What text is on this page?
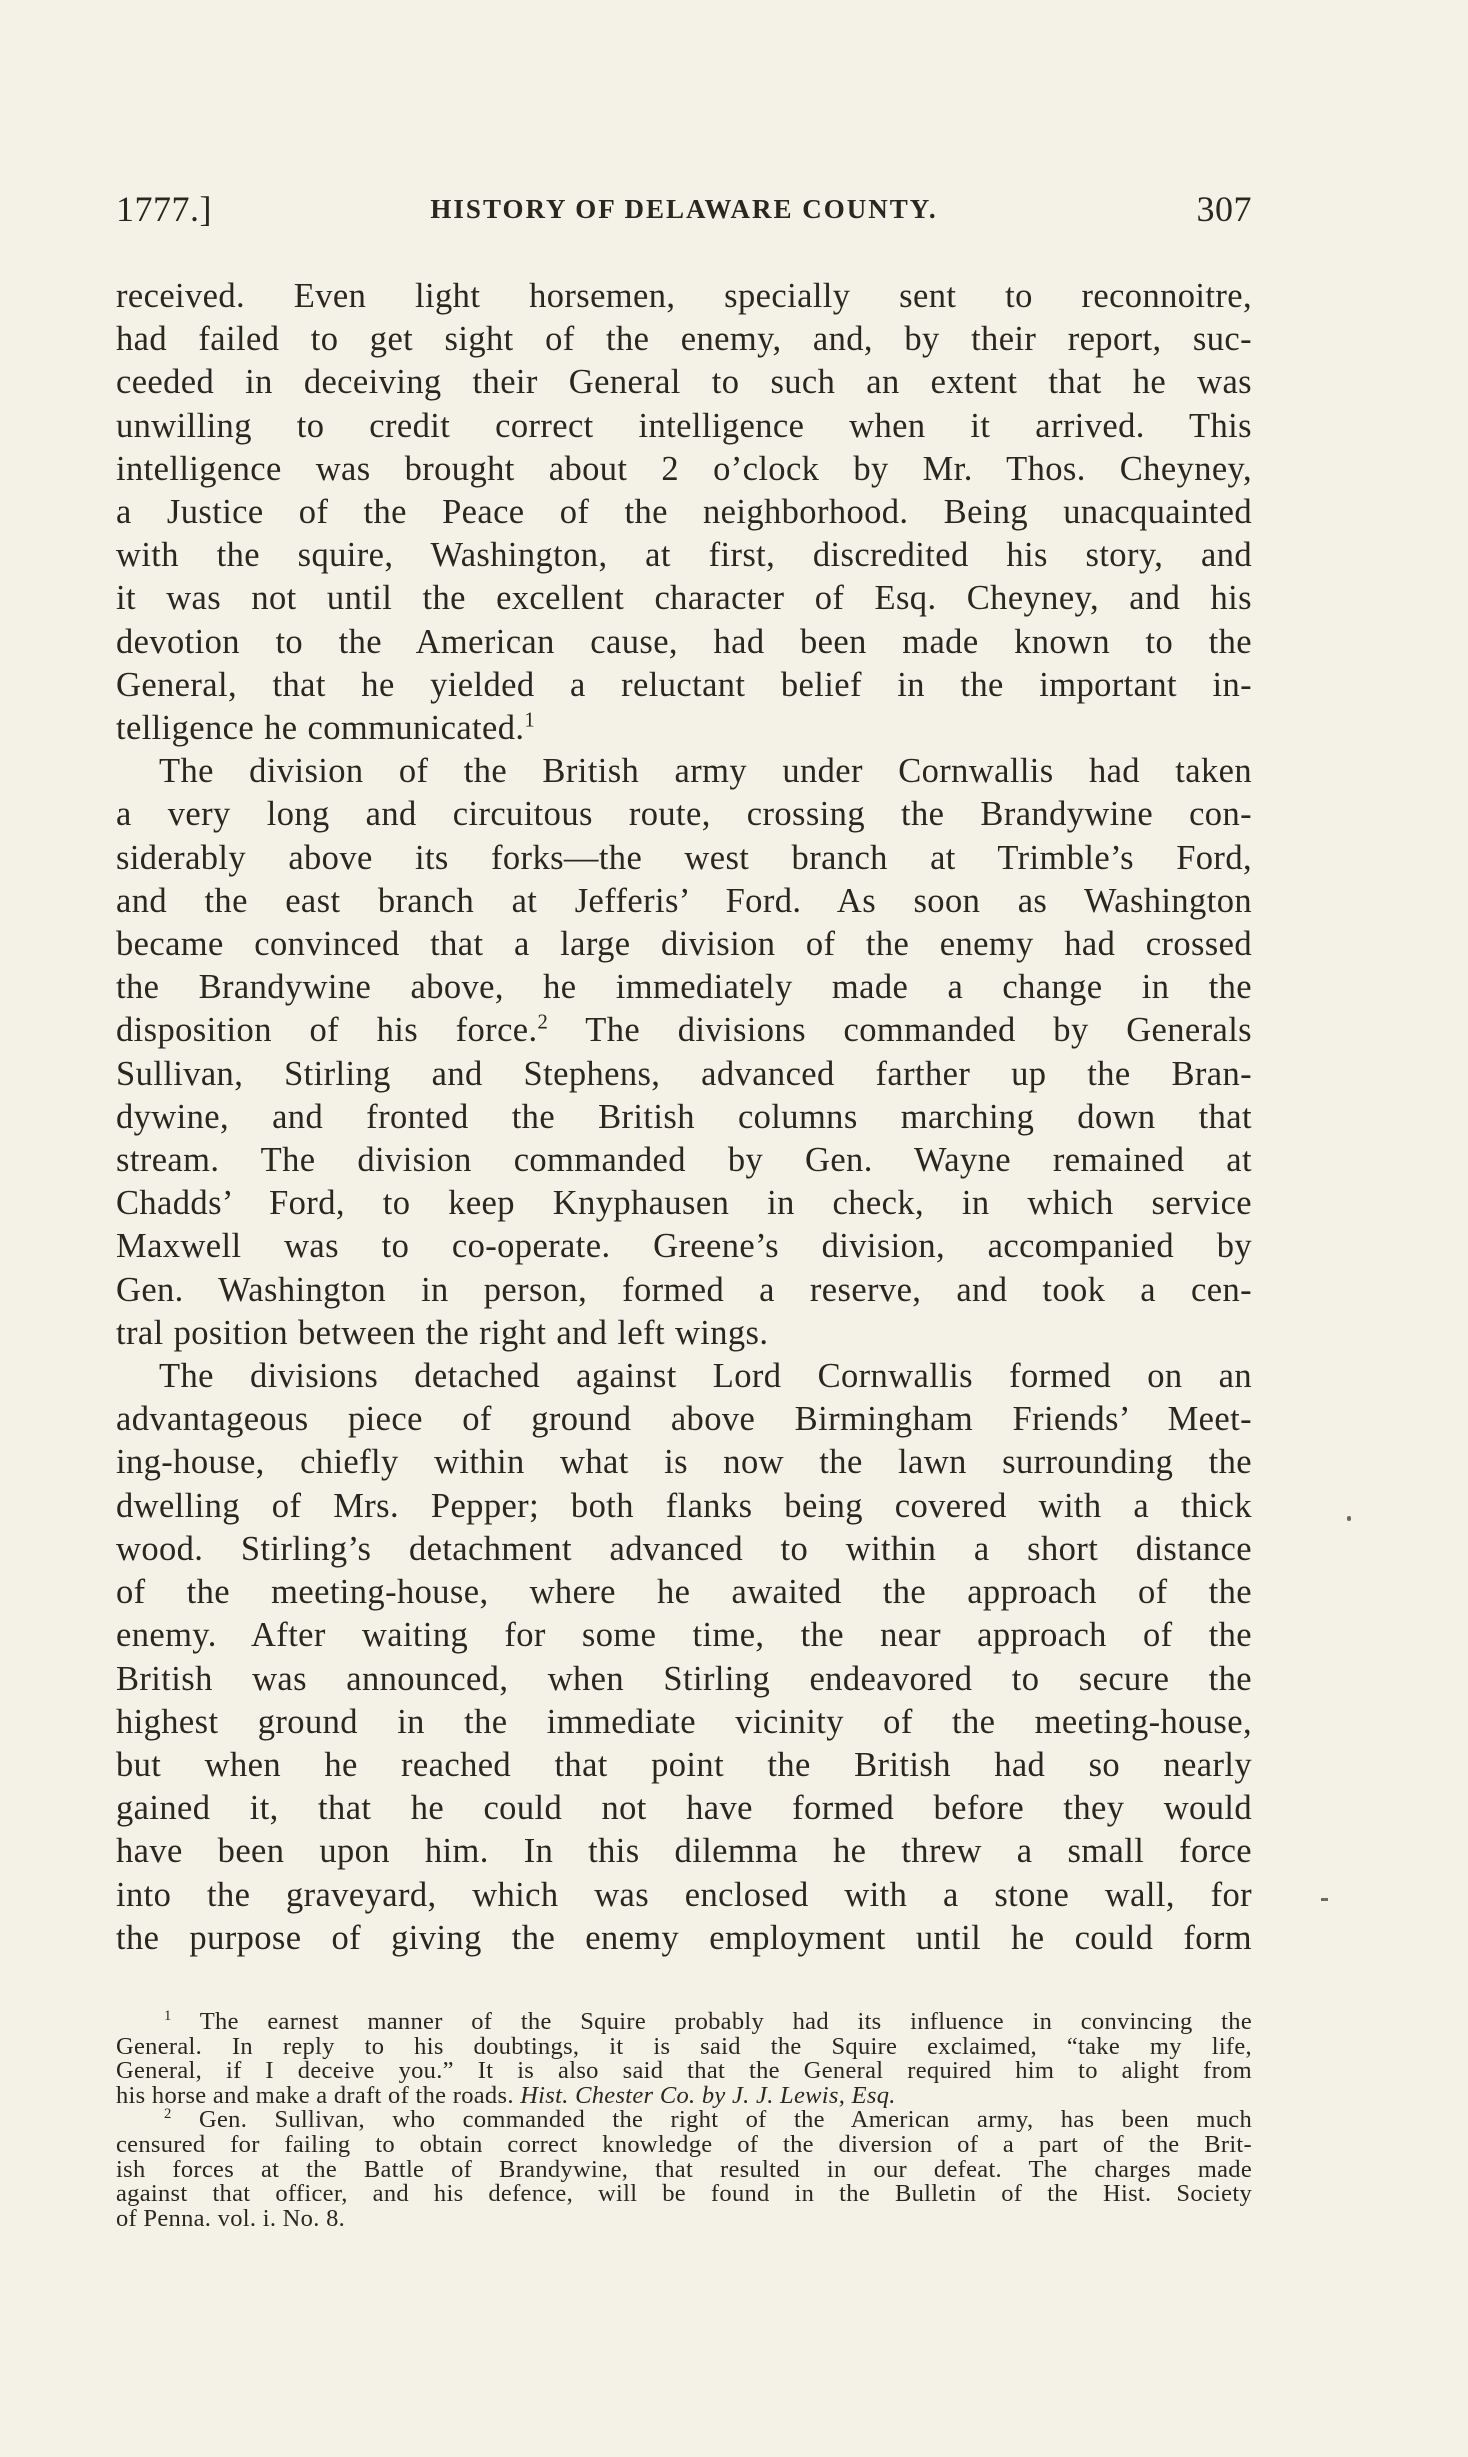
1777.]	HISTORY OF DELAWARE COUNTY.	307
received. Even light horsemen, specially sent to reconnoitre,
had failed to get sight of the enemy, and, by their report, suc-
ceeded in deceiving their General to such an extent that he was
unwilling to credit correct intelligence when it arrived. This
intelligence was brought about 2 o’clock by Mr. Thos. Cheyney,
a Justice of the Peace of the neighborhood. Being unacquainted
with the squire, Washington, at first, discredited his story, and
it was not until the excellent character of Esq. Cheyney, and his
devotion to the American cause, had been made known to the
General, that he yielded a reluctant belief in the important in-
telligence he communicated.$^1$
The division of the British army under Cornwallis had taken
a very long and circuitous route, crossing the Brandywine con-
siderably above its forks—the west branch at Trimble’s Ford,
and the east branch at Jefferis’ Ford. As soon as Washington
became convinced that a large division of the enemy had crossed
the Brandywine above, he immediately made a change in the
disposition of his force.$^2$ The divisions commanded by Generals
Sullivan, Stirling and Stephens, advanced farther up the Bran-
dywine, and fronted the British columns marching down that
stream. The division commanded by Gen. Wayne remained at
Chadds’ Ford, to keep Knyphausen in check, in which service
Maxwell was to co-operate. Greene’s division, accompanied by
Gen. Washington in person, formed a reserve, and took a cen-
tral position between the right and left wings.
The divisions detached against Lord Cornwallis formed on an
advantageous piece of ground above Birmingham Friends’ Meet-
ing-house, chiefly within what is now the lawn surrounding the
dwelling of Mrs. Pepper; both flanks being covered with a thick
wood. Stirling’s detachment advanced to within a short distance
of the meeting-house, where he awaited the approach of the
enemy. After waiting for some time, the near approach of the
British was announced, when Stirling endeavored to secure the
highest ground in the immediate vicinity of the meeting-house,
but when he reached that point the British had so nearly
gained it, that he could not have formed before they would
have been upon him. In this dilemma he threw a small force
into the graveyard, which was enclosed with a stone wall, for
the purpose of giving the enemy employment until he could form
$^1$ The earnest manner of the Squire probably had its influence in convincing the
General. In reply to his doubtings, it is said the Squire exclaimed, “take my life,
General, if I deceive you.” It is also said that the General required him to alight from
his horse and make a draft of the roads. Hist. Chester Co. by J. J. Lewis, Esq.
$^2$ Gen. Sullivan, who commanded the right of the American army, has been much
censured for failing to obtain correct knowledge of the diversion of a part of the Brit-
ish forces at the Battle of Brandywine, that resulted in our defeat. The charges made
against that officer, and his defence, will be found in the Bulletin of the Hist. Society
of Penna. vol. i. No. 8.
